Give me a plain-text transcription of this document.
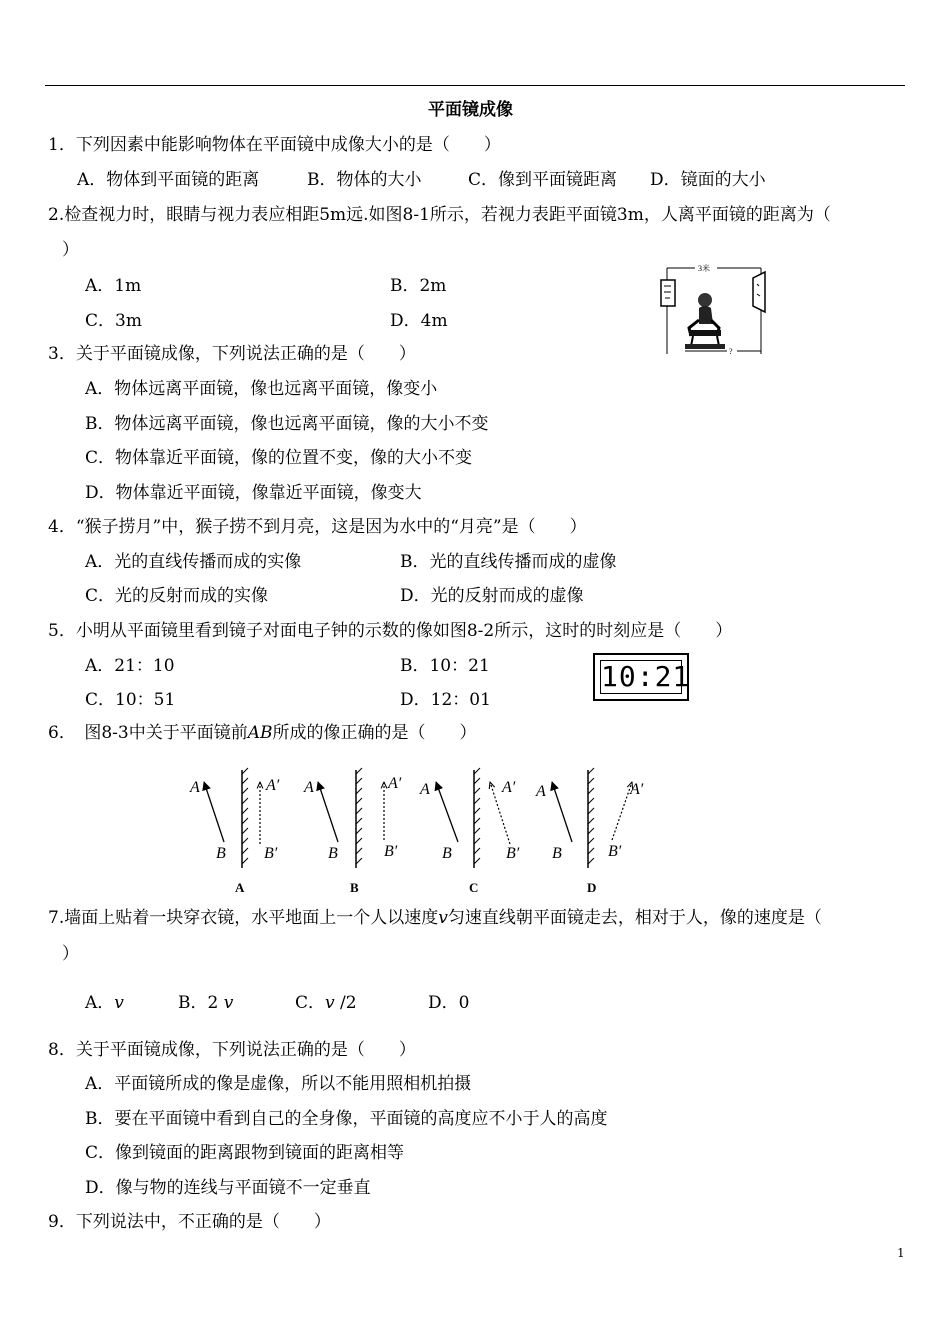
平面镜成像
1．下列因素中能影响物体在平面镜中成像大小的是（　　）
A．物体到平面镜的距离	B．物体的大小	C．像到平面镜距离 D．镜面的大小
2.检查视力时，眼睛与视力表应相距5m远.如图8-1所示，若视力表距平面镜3m，人离平面镜的距离为（
）
A．1m	B．2m
C．3m	D．4m
3米
?
3．关于平面镜成像，下列说法正确的是（　　）
A．物体远离平面镜，像也远离平面镜，像变小
B．物体远离平面镜，像也远离平面镜，像的大小不变
C．物体靠近平面镜，像的位置不变，像的大小不变
D．物体靠近平面镜，像靠近平面镜，像变大
4．“猴子捞月”中，猴子捞不到月亮，这是因为水中的“月亮”是（　　）
A．光的直线传播而成的实像	B．光的直线传播而成的虚像
C．光的反射而成的实像	D．光的反射而成的虚像
5．小明从平面镜里看到镜子对面电子钟的示数的像如图8-2所示，这时的时刻应是（　　）
A．21：10	B．10：21
C．10：51	D．12：01
10:21
6．　图8-3中关于平面镜前AB所成的像正确的是（　　）
A
B
A′
B′
A
A
B
A′
B′
B
A
B
A′
B′
C
A
B
A′
B′
D
7.墙面上贴着一块穿衣镜，水平地面上一个人以速度v匀速直线朝平面镜走去，相对于人，像的速度是（
）
A．v	B．2 v	C．v /2	D．0
8．关于平面镜成像，下列说法正确的是（　　）
A．平面镜所成的像是虚像，所以不能用照相机拍摄
B．要在平面镜中看到自己的全身像，平面镜的高度应不小于人的高度
C．像到镜面的距离跟物到镜面的距离相等
D．像与物的连线与平面镜不一定垂直
9．下列说法中，不正确的是（　　）
1
